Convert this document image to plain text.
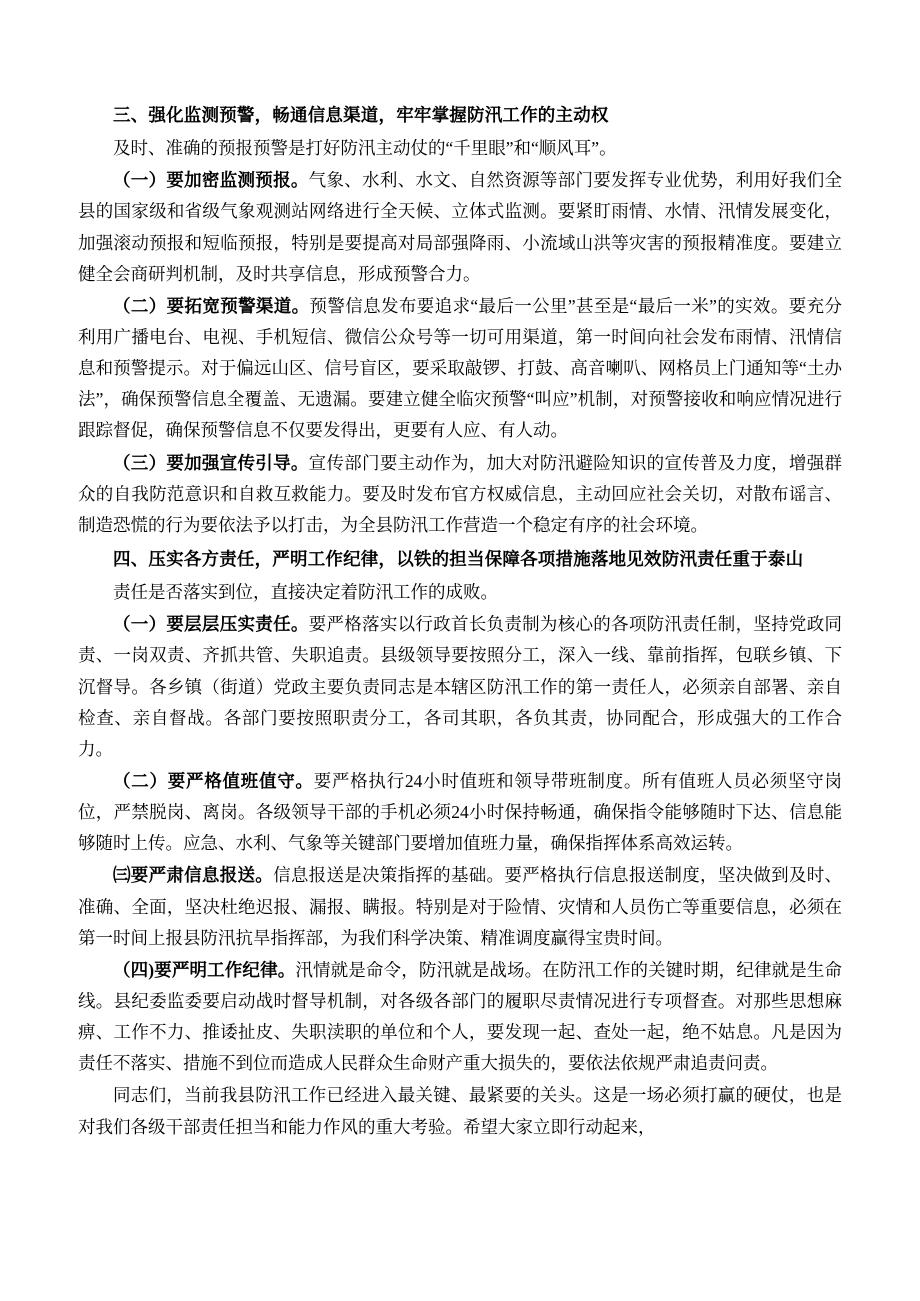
三、强化监测预警，畅通信息渠道，牢牢掌握防汛工作的主动权

及时、准确的预报预警是打好防汛主动仗的“千里眼”和“顺风耳”。

（一）要加密监测预报。气象、水利、水文、自然资源等部门要发挥专业优势，利用好我们全县的国家级和省级气象观测站网络进行全天候、立体式监测。要紧盯雨情、水情、汛情发展变化，加强滚动预报和短临预报，特别是要提高对局部强降雨、小流域山洪等灾害的预报精准度。要建立健全会商研判机制，及时共享信息，形成预警合力。

（二）要拓宽预警渠道。预警信息发布要追求“最后一公里”甚至是“最后一米”的实效。要充分利用广播电台、电视、手机短信、微信公众号等一切可用渠道，第一时间向社会发布雨情、汛情信息和预警提示。对于偏远山区、信号盲区，要采取敲锣、打鼓、高音喇叭、网格员上门通知等“土办法”，确保预警信息全覆盖、无遗漏。要建立健全临灾预警“叫应”机制，对预警接收和响应情况进行跟踪督促，确保预警信息不仅要发得出，更要有人应、有人动。

（三）要加强宣传引导。宣传部门要主动作为，加大对防汛避险知识的宣传普及力度，增强群众的自我防范意识和自救互救能力。要及时发布官方权威信息，主动回应社会关切，对散布谣言、制造恐慌的行为要依法予以打击，为全县防汛工作营造一个稳定有序的社会环境。

四、压实各方责任，严明工作纪律，以铁的担当保障各项措施落地见效防汛责任重于泰山

责任是否落实到位，直接决定着防汛工作的成败。

（一）要层层压实责任。要严格落实以行政首长负责制为核心的各项防汛责任制，坚持党政同责、一岗双责、齐抓共管、失职追责。县级领导要按照分工，深入一线、靠前指挥，包联乡镇、下沉督导。各乡镇（街道）党政主要负责同志是本辖区防汛工作的第一责任人，必须亲自部署、亲自检查、亲自督战。各部门要按照职责分工，各司其职，各负其责，协同配合，形成强大的工作合力。

（二）要严格值班值守。要严格执行24小时值班和领导带班制度。所有值班人员必须坚守岗位，严禁脱岗、离岗。各级领导干部的手机必须24小时保持畅通，确保指令能够随时下达、信息能够随时上传。应急、水利、气象等关键部门要增加值班力量，确保指挥体系高效运转。

㈢要严肃信息报送。信息报送是决策指挥的基础。要严格执行信息报送制度，坚决做到及时、准确、全面，坚决杜绝迟报、漏报、瞒报。特别是对于险情、灾情和人员伤亡等重要信息，必须在第一时间上报县防汛抗旱指挥部，为我们科学决策、精准调度赢得宝贵时间。

（四)要严明工作纪律。汛情就是命令，防汛就是战场。在防汛工作的关键时期，纪律就是生命线。县纪委监委要启动战时督导机制，对各级各部门的履职尽责情况进行专项督查。对那些思想麻痹、工作不力、推诿扯皮、失职渎职的单位和个人，要发现一起、查处一起，绝不姑息。凡是因为责任不落实、措施不到位而造成人民群众生命财产重大损失的，要依法依规严肃追责问责。

同志们，当前我县防汛工作已经进入最关键、最紧要的关头。这是一场必须打赢的硬仗，也是对我们各级干部责任担当和能力作风的重大考验。希望大家立即行动起来，
